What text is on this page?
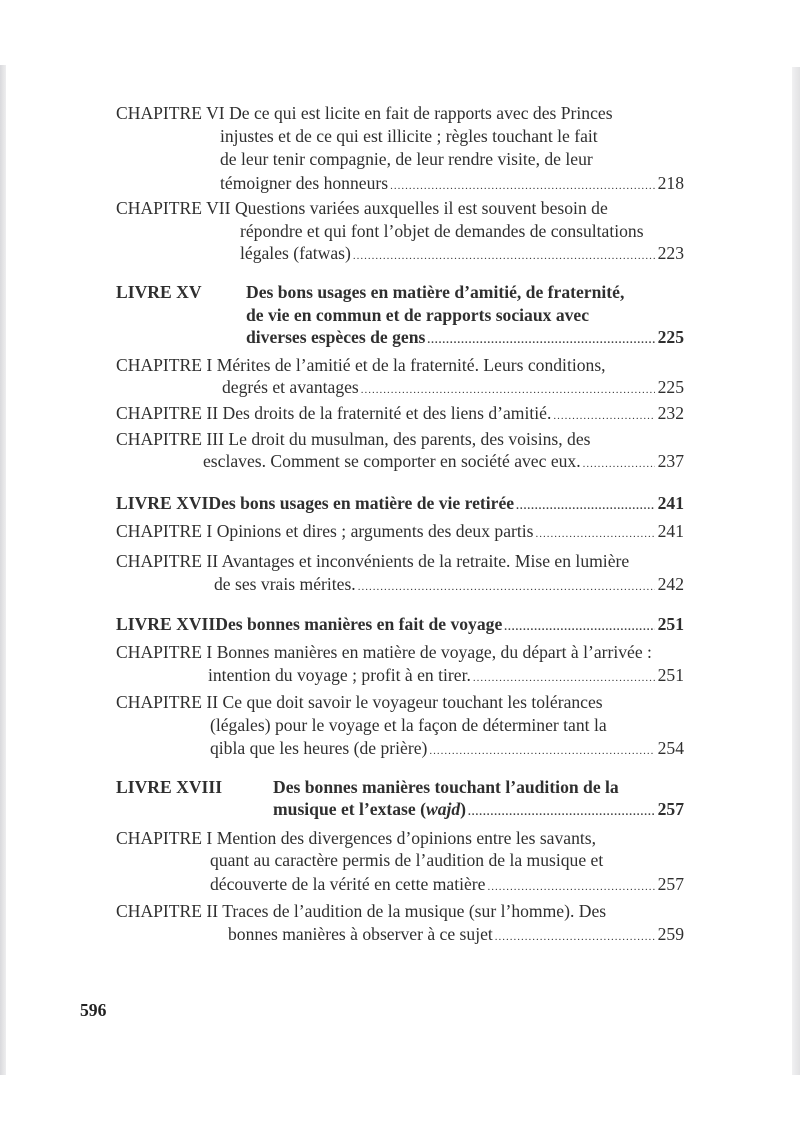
CHAPITRE VI De ce qui est licite en fait de rapports avec des Princes
injustes et de ce qui est illicite ; règles touchant le fait
de leur tenir compagnie, de leur rendre visite, de leur
témoigner des honneurs .....	218
CHAPITRE VII Questions variées auxquelles il est souvent besoin de
répondre et qui font l’objet de demandes de consultations
légales (fatwas) .....	223
LIVRE XV	Des bons usages en matière d’amitié, de fraternité,
de vie en commun et de rapports sociaux avec
diverses espèces de gens .....	225
CHAPITRE I Mérites de l’amitié et de la fraternité. Leurs conditions,
degrés et avantages .....	225
CHAPITRE II Des droits de la fraternité et des liens d’amitié. .....	232
CHAPITRE III Le droit du musulman, des parents, des voisins, des
esclaves. Comment se comporter en société avec eux. .....	237
LIVRE XVI Des bons usages en matière de vie retirée .....	241
CHAPITRE I Opinions et dires ; arguments des deux partis .....	241
CHAPITRE II Avantages et inconvénients de la retraite. Mise en lumière
de ses vrais mérites. .....	242
LIVRE XVII Des bonnes manières en fait de voyage .....	251
CHAPITRE I Bonnes manières en matière de voyage, du départ à l’arrivée :
intention du voyage ; profit à en tirer. .....	251
CHAPITRE II Ce que doit savoir le voyageur touchant les tolérances
(légales) pour le voyage et la façon de déterminer tant la
qibla que les heures (de prière) .....	254
LIVRE XVIII	Des bonnes manières touchant l’audition de la
musique et l’extase (wajd) .....	257
CHAPITRE I Mention des divergences d’opinions entre les savants,
quant au caractère permis de l’audition de la musique et
découverte de la vérité en cette matière .....	257
CHAPITRE II Traces de l’audition de la musique (sur l’homme). Des
bonnes manières à observer à ce sujet .....	259
596
